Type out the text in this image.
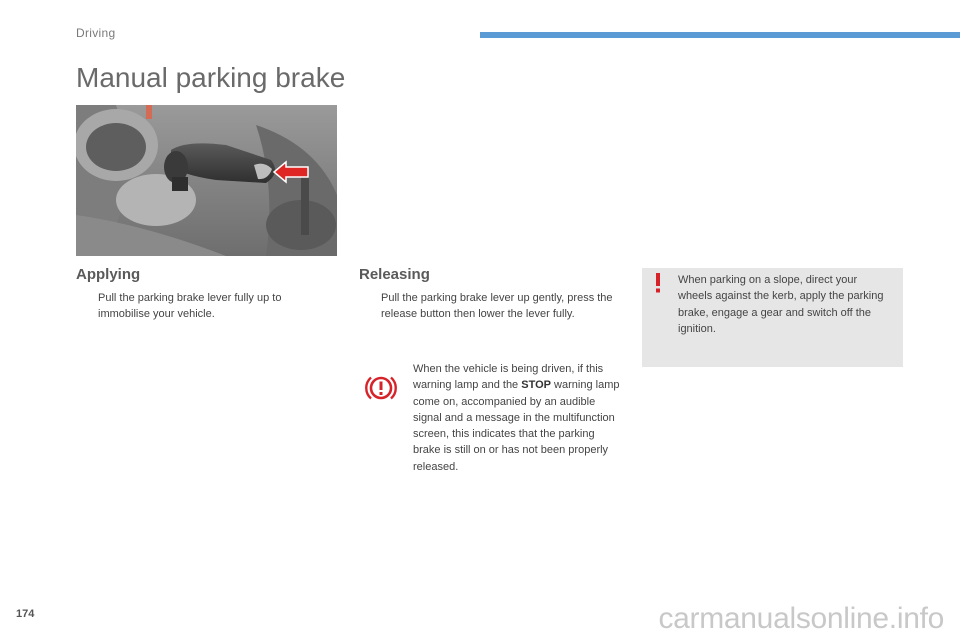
Driving
Manual parking brake
Applying
Pull the parking brake lever fully up to immobilise your vehicle.
Releasing
Pull the parking brake lever up gently, press the release button then lower the lever fully.
When the vehicle is being driven, if this warning lamp and the STOP warning lamp come on, accompanied by an audible signal and a message in the multifunction screen, this indicates that the parking brake is still on or has not been properly released.
When parking on a slope, direct your wheels against the kerb, apply the parking brake, engage a gear and switch off the ignition.
174	carmanualsonline.info
